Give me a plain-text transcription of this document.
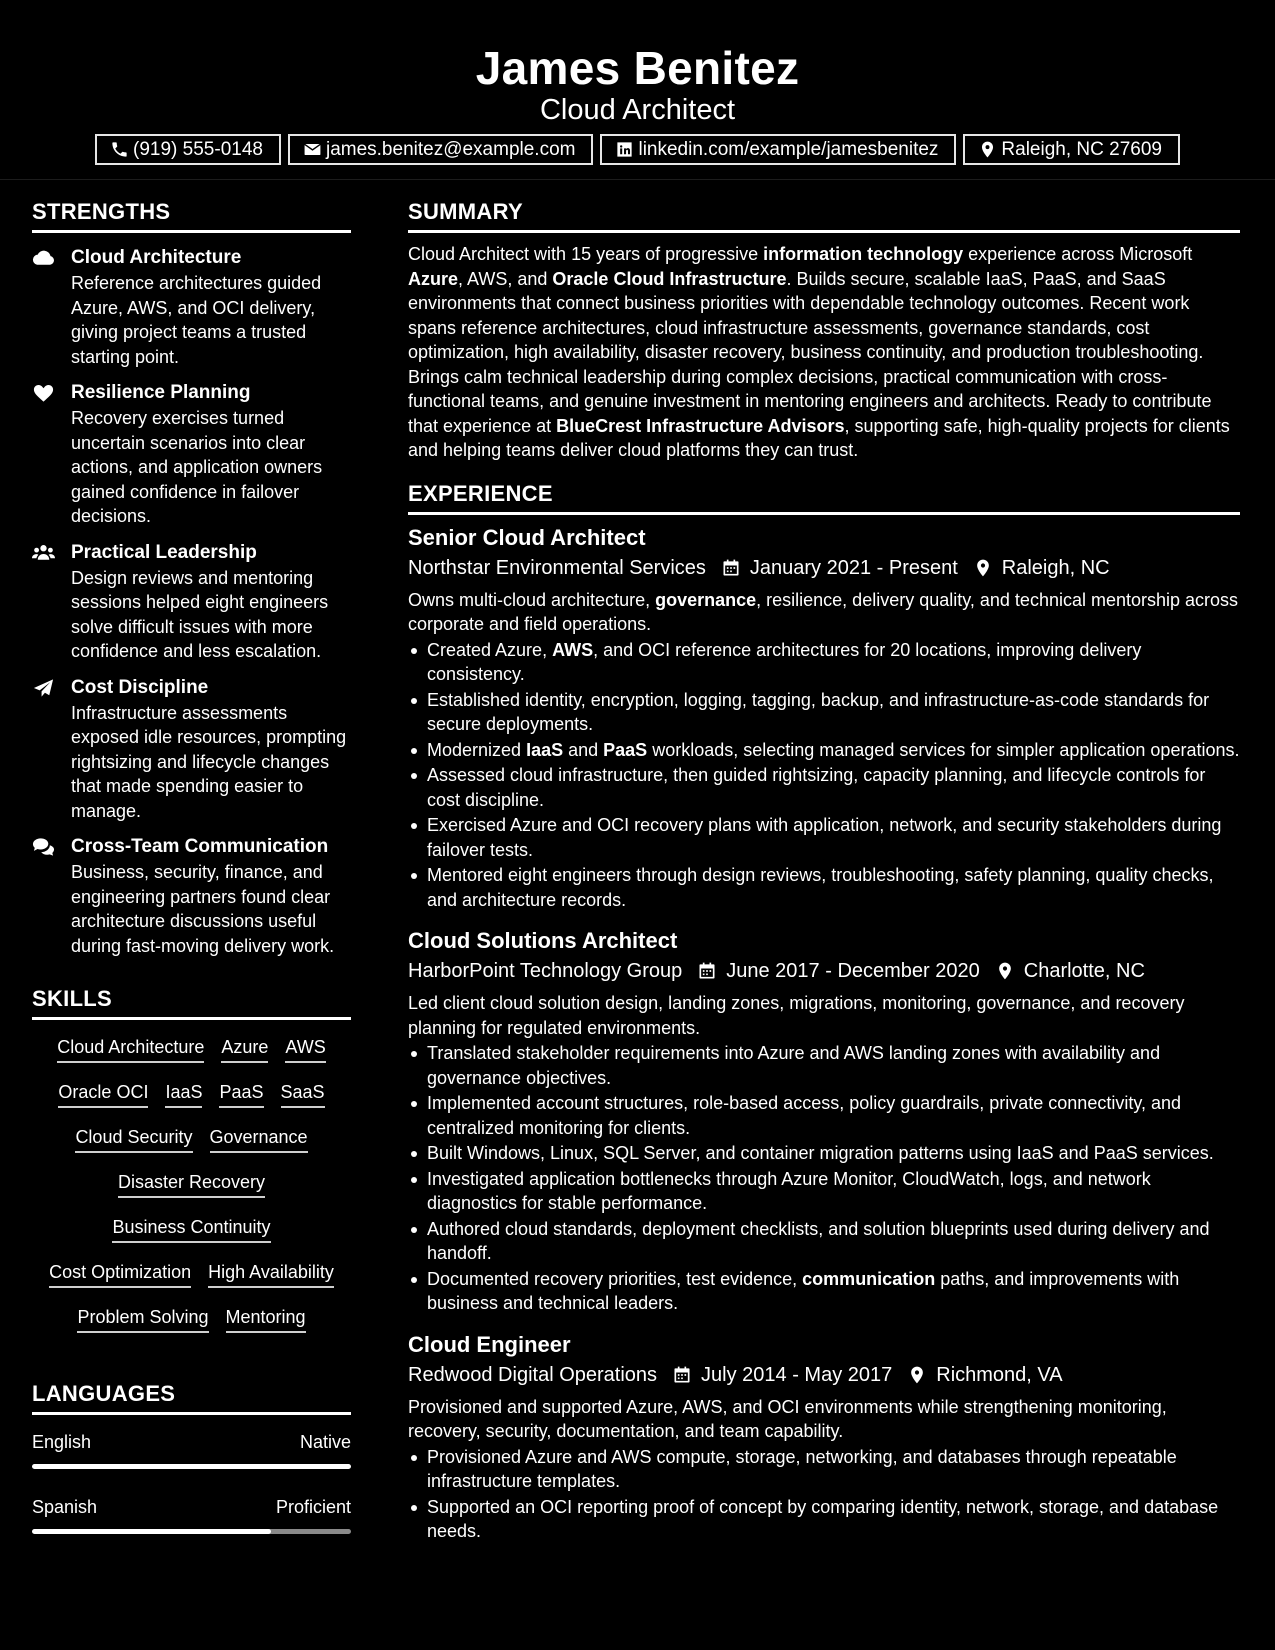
James Benitez
Cloud Architect
(919) 555-0148	james.benitez@example.com	linkedin.com/example/jamesbenitez	Raleigh, NC 27609
STRENGTHS
Cloud Architecture
Reference architectures guided Azure, AWS, and OCI delivery, giving project teams a trusted starting point.
Resilience Planning
Recovery exercises turned uncertain scenarios into clear actions, and application owners gained confidence in failover decisions.
Practical Leadership
Design reviews and mentoring sessions helped eight engineers solve difficult issues with more confidence and less escalation.
Cost Discipline
Infrastructure assessments exposed idle resources, prompting rightsizing and lifecycle changes that made spending easier to manage.
Cross-Team Communication
Business, security, finance, and engineering partners found clear architecture discussions useful during fast-moving delivery work.
SKILLS
Cloud Architecture Azure AWS
Oracle OCI IaaS PaaS SaaS
Cloud Security Governance
Disaster Recovery
Business Continuity
Cost Optimization High Availability
Problem Solving Mentoring
LANGUAGES
English	Native
Spanish	Proficient
SUMMARY
Cloud Architect with 15 years of progressive information technology experience across Microsoft Azure, AWS, and Oracle Cloud Infrastructure. Builds secure, scalable IaaS, PaaS, and SaaS environments that connect business priorities with dependable technology outcomes. Recent work spans reference architectures, cloud infrastructure assessments, governance standards, cost optimization, high availability, disaster recovery, business continuity, and production troubleshooting. Brings calm technical leadership during complex decisions, practical communication with cross-functional teams, and genuine investment in mentoring engineers and architects. Ready to contribute that experience at BlueCrest Infrastructure Advisors, supporting safe, high-quality projects for clients and helping teams deliver cloud platforms they can trust.
EXPERIENCE
Senior Cloud Architect
Northstar Environmental Services January 2021 - Present Raleigh, NC
Owns multi-cloud architecture, governance, resilience, delivery quality, and technical mentorship across corporate and field operations.
Created Azure, AWS, and OCI reference architectures for 20 locations, improving delivery consistency.
Established identity, encryption, logging, tagging, backup, and infrastructure-as-code standards for secure deployments.
Modernized IaaS and PaaS workloads, selecting managed services for simpler application operations.
Assessed cloud infrastructure, then guided rightsizing, capacity planning, and lifecycle controls for cost discipline.
Exercised Azure and OCI recovery plans with application, network, and security stakeholders during failover tests.
Mentored eight engineers through design reviews, troubleshooting, safety planning, quality checks, and architecture records.
Cloud Solutions Architect
HarborPoint Technology Group June 2017 - December 2020 Charlotte, NC
Led client cloud solution design, landing zones, migrations, monitoring, governance, and recovery planning for regulated environments.
Translated stakeholder requirements into Azure and AWS landing zones with availability and governance objectives.
Implemented account structures, role-based access, policy guardrails, private connectivity, and centralized monitoring for clients.
Built Windows, Linux, SQL Server, and container migration patterns using IaaS and PaaS services.
Investigated application bottlenecks through Azure Monitor, CloudWatch, logs, and network diagnostics for stable performance.
Authored cloud standards, deployment checklists, and solution blueprints used during delivery and handoff.
Documented recovery priorities, test evidence, communication paths, and improvements with business and technical leaders.
Cloud Engineer
Redwood Digital Operations July 2014 - May 2017 Richmond, VA
Provisioned and supported Azure, AWS, and OCI environments while strengthening monitoring, recovery, security, documentation, and team capability.
Provisioned Azure and AWS compute, storage, networking, and databases through repeatable infrastructure templates.
Supported an OCI reporting proof of concept by comparing identity, network, storage, and database needs.
